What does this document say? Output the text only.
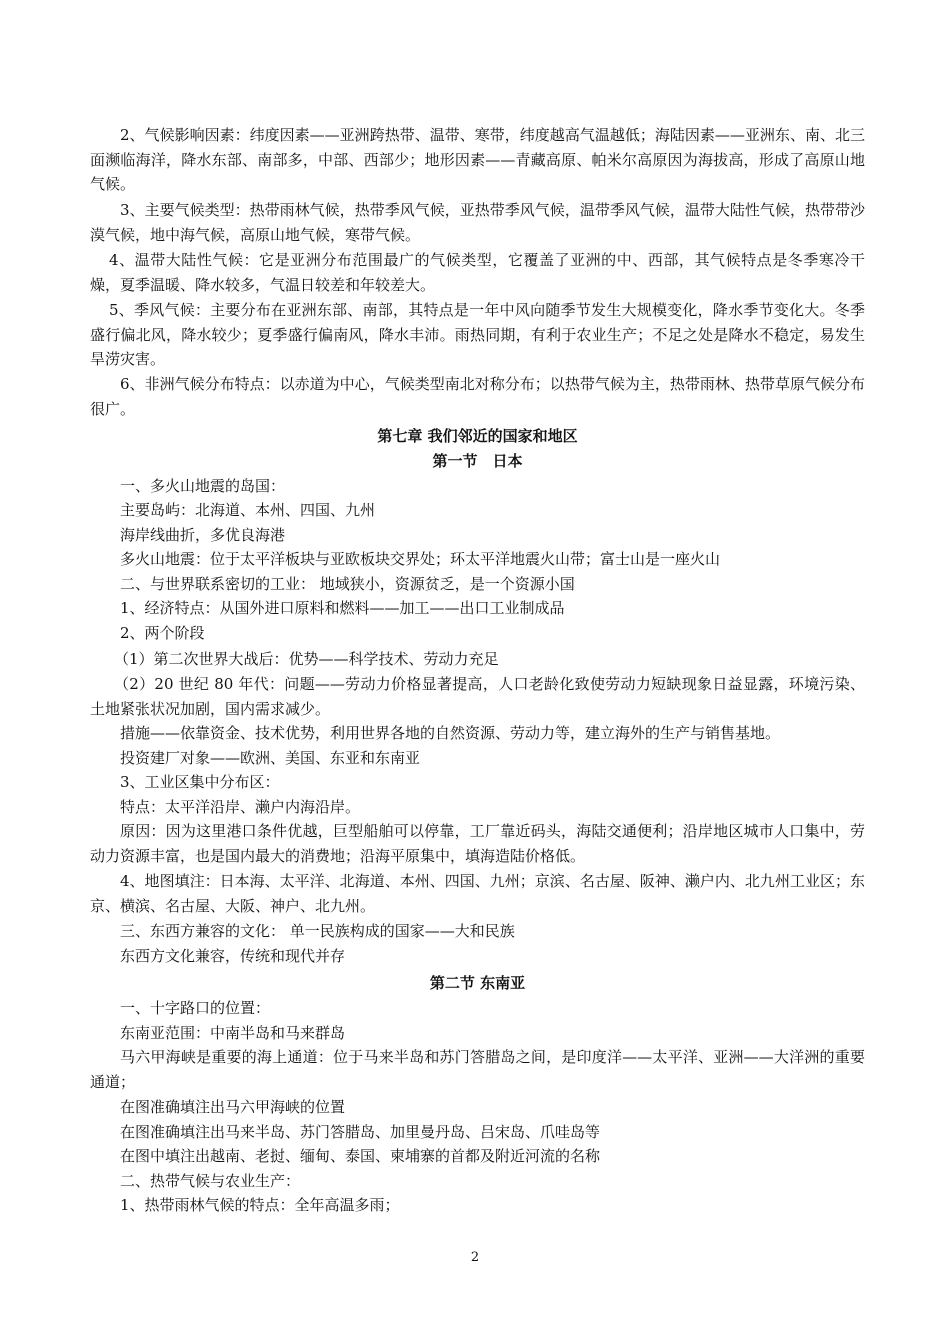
2、气候影响因素：纬度因素——亚洲跨热带、温带、寒带，纬度越高气温越低；海陆因素——亚洲东、南、北三面濒临海洋，降水东部、南部多，中部、西部少；地形因素——青藏高原、帕米尔高原因为海拔高，形成了高原山地气候。

3、主要气候类型：热带雨林气候，热带季风气候，亚热带季风气候，温带季风气候，温带大陆性气候，热带带沙漠气候，地中海气候，高原山地气候，寒带气候。

4、温带大陆性气候：它是亚洲分布范围最广的气候类型，它覆盖了亚洲的中、西部，其气候特点是冬季寒冷干燥，夏季温暖、降水较多，气温日较差和年较差大。

5、季风气候：主要分布在亚洲东部、南部，其特点是一年中风向随季节发生大规模变化，降水季节变化大。冬季盛行偏北风，降水较少；夏季盛行偏南风，降水丰沛。雨热同期，有利于农业生产；不足之处是降水不稳定，易发生旱涝灾害。

6、非洲气候分布特点：以赤道为中心，气候类型南北对称分布；以热带气候为主，热带雨林、热带草原气候分布很广。

第七章 我们邻近的国家和地区
第一节　日本

一、多火山地震的岛国：

主要岛屿：北海道、本州、四国、九州

海岸线曲折，多优良海港

多火山地震：位于太平洋板块与亚欧板块交界处；环太平洋地震火山带；富士山是一座火山

二、与世界联系密切的工业： 地域狭小，资源贫乏，是一个资源小国

1、经济特点：从国外进口原料和燃料——加工——出口工业制成品

2、两个阶段

（1）第二次世界大战后：优势——科学技术、劳动力充足

（2）20 世纪 80 年代：问题——劳动力价格显著提高，人口老龄化致使劳动力短缺现象日益显露，环境污染、土地紧张状况加剧，国内需求减少。

措施——依靠资金、技术优势，利用世界各地的自然资源、劳动力等，建立海外的生产与销售基地。

投资建厂对象——欧洲、美国、东亚和东南亚

3、工业区集中分布区：

特点：太平洋沿岸、濑户内海沿岸。

原因：因为这里港口条件优越，巨型船舶可以停靠，工厂靠近码头，海陆交通便利；沿岸地区城市人口集中，劳动力资源丰富，也是国内最大的消费地；沿海平原集中，填海造陆价格低。

4、地图填注：日本海、太平洋、北海道、本州、四国、九州；京滨、名古屋、阪神、濑户内、北九州工业区；东京、横滨、名古屋、大阪、神户、北九州。

三、东西方兼容的文化： 单一民族构成的国家——大和民族

东西方文化兼容，传统和现代并存

第二节 东南亚

一、十字路口的位置：

东南亚范围：中南半岛和马来群岛

马六甲海峡是重要的海上通道：位于马来半岛和苏门答腊岛之间，是印度洋——太平洋、亚洲——大洋洲的重要通道；

在图准确填注出马六甲海峡的位置

在图准确填注出马来半岛、苏门答腊岛、加里曼丹岛、吕宋岛、爪哇岛等

在图中填注出越南、老挝、缅甸、泰国、柬埔寨的首都及附近河流的名称

二、热带气候与农业生产：

1、热带雨林气候的特点：全年高温多雨；

2
